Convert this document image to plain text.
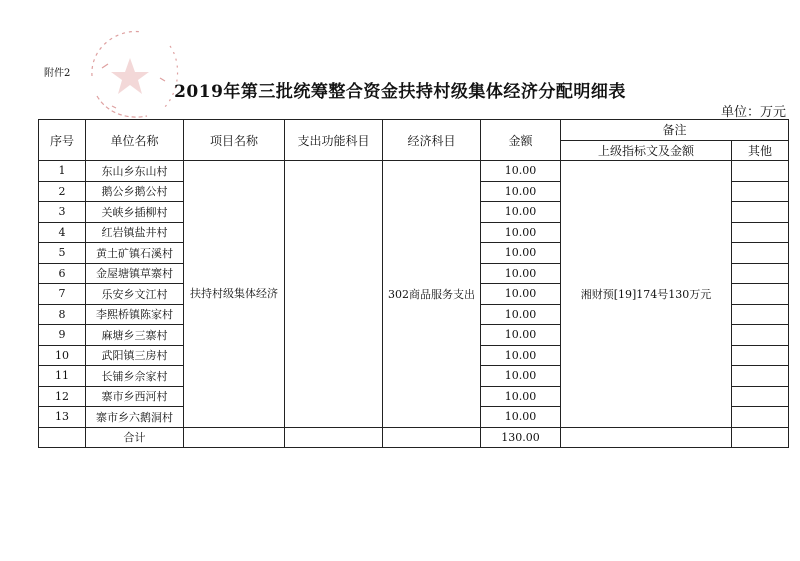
附件2
2019年第三批统筹整合资金扶持村级集体经济分配明细表
单位：万元
序号	单位名称	项目名称	支出功能科目	经济科目	金额	备注	
						上级指标文及金额	其他
1	东山乡东山村	扶持村级集体经济		302商品服务支出	10.00	湘财预[19]174号130万元	
2	鹅公乡鹅公村				10.00		
3	关峡乡插柳村				10.00		
4	红岩镇盐井村				10.00		
5	黄土矿镇石溪村				10.00		
6	金屋塘镇草寨村				10.00		
7	乐安乡文江村				10.00		
8	李熙桥镇陈家村				10.00		
9	麻塘乡三寨村				10.00		
10	武阳镇三房村				10.00		
11	长铺乡佘家村				10.00		
12	寨市乡西河村				10.00		
13	寨市乡六鹅洞村				10.00		
	合计				130.00		
